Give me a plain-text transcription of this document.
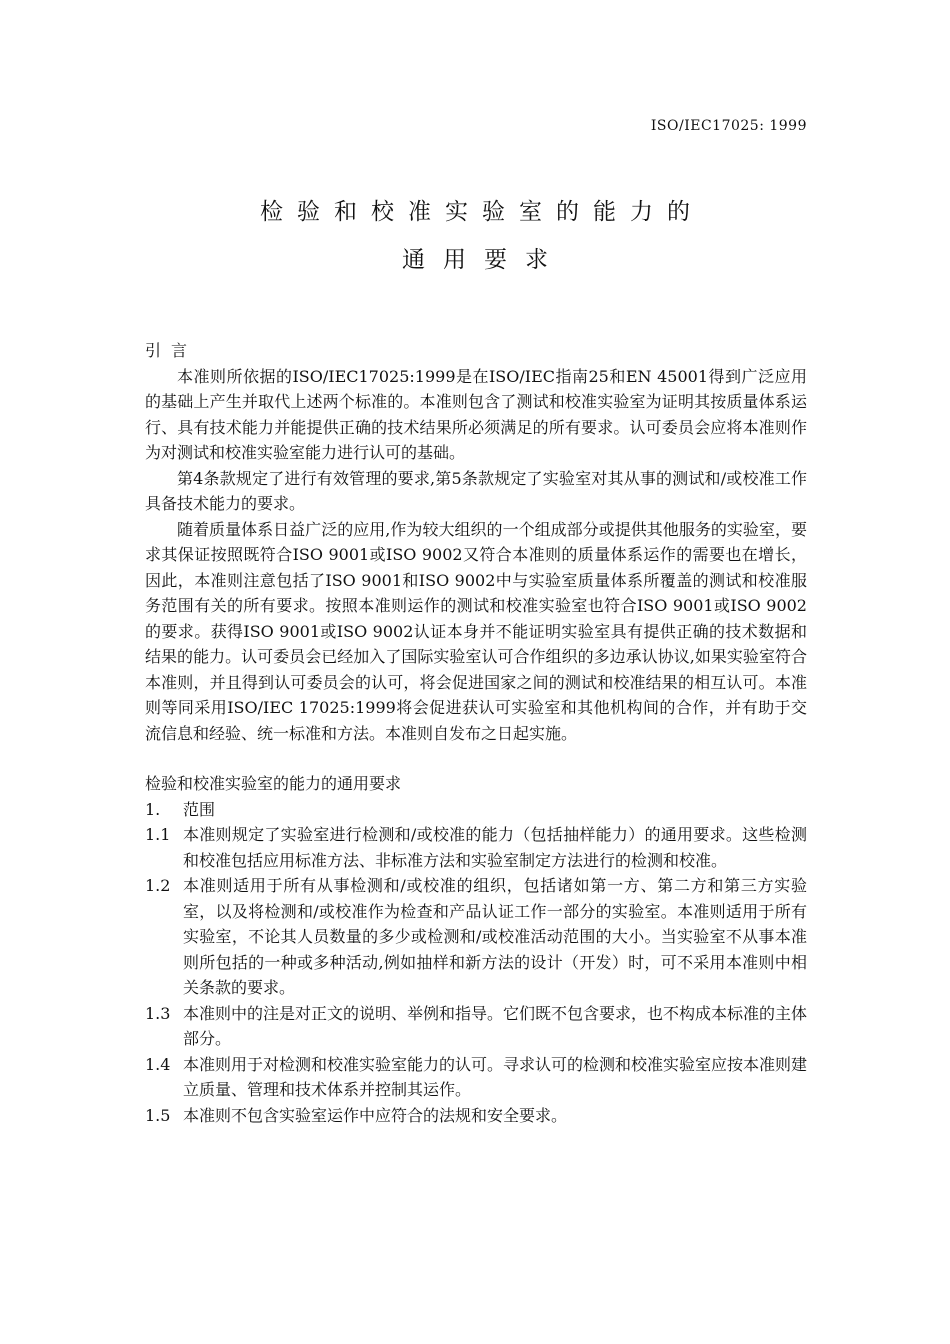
ISO/IEC17025: 1999
检验和校准实验室的能力的
通用要求

引言

本准则所依据的ISO/IEC17025:1999是在ISO/IEC指南25和EN 45001得到广泛应用的基础上产生并取代上述两个标准的。本准则包含了测试和校准实验室为证明其按质量体系运行、具有技术能力并能提供正确的技术结果所必须满足的所有要求。认可委员会应将本准则作为对测试和校准实验室能力进行认可的基础。

第4条款规定了进行有效管理的要求,第5条款规定了实验室对其从事的测试和/或校准工作具备技术能力的要求。

随着质量体系日益广泛的应用,作为较大组织的一个组成部分或提供其他服务的实验室，要求其保证按照既符合ISO 9001或ISO 9002又符合本准则的质量体系运作的需要也在增长，因此，本准则注意包括了ISO 9001和ISO 9002中与实验室质量体系所覆盖的测试和校准服务范围有关的所有要求。按照本准则运作的测试和校准实验室也符合ISO 9001或ISO 9002的要求。获得ISO 9001或ISO 9002认证本身并不能证明实验室具有提供正确的技术数据和结果的能力。认可委员会已经加入了国际实验室认可合作组织的多边承认协议,如果实验室符合本准则，并且得到认可委员会的认可，将会促进国家之间的测试和校准结果的相互认可。本准则等同采用ISO/IEC 17025:1999将会促进获认可实验室和其他机构间的合作，并有助于交流信息和经验、统一标准和方法。本准则自发布之日起实施。

检验和校准实验室的能力的通用要求

1.	范围
1.1 本准则规定了实验室进行检测和/或校准的能力（包括抽样能力）的通用要求。这些检测和校准包括应用标准方法、非标准方法和实验室制定方法进行的检测和校准。
1.2 本准则适用于所有从事检测和/或校准的组织，包括诸如第一方、第二方和第三方实验室，以及将检测和/或校准作为检查和产品认证工作一部分的实验室。本准则适用于所有实验室，不论其人员数量的多少或检测和/或校准活动范围的大小。当实验室不从事本准则所包括的一种或多种活动,例如抽样和新方法的设计（开发）时，可不采用本准则中相关条款的要求。
1.3 本准则中的注是对正文的说明、举例和指导。它们既不包含要求，也不构成本标准的主体部分。
1.4 本准则用于对检测和校准实验室能力的认可。寻求认可的检测和校准实验室应按本准则建立质量、管理和技术体系并控制其运作。
1.5 本准则不包含实验室运作中应符合的法规和安全要求。
